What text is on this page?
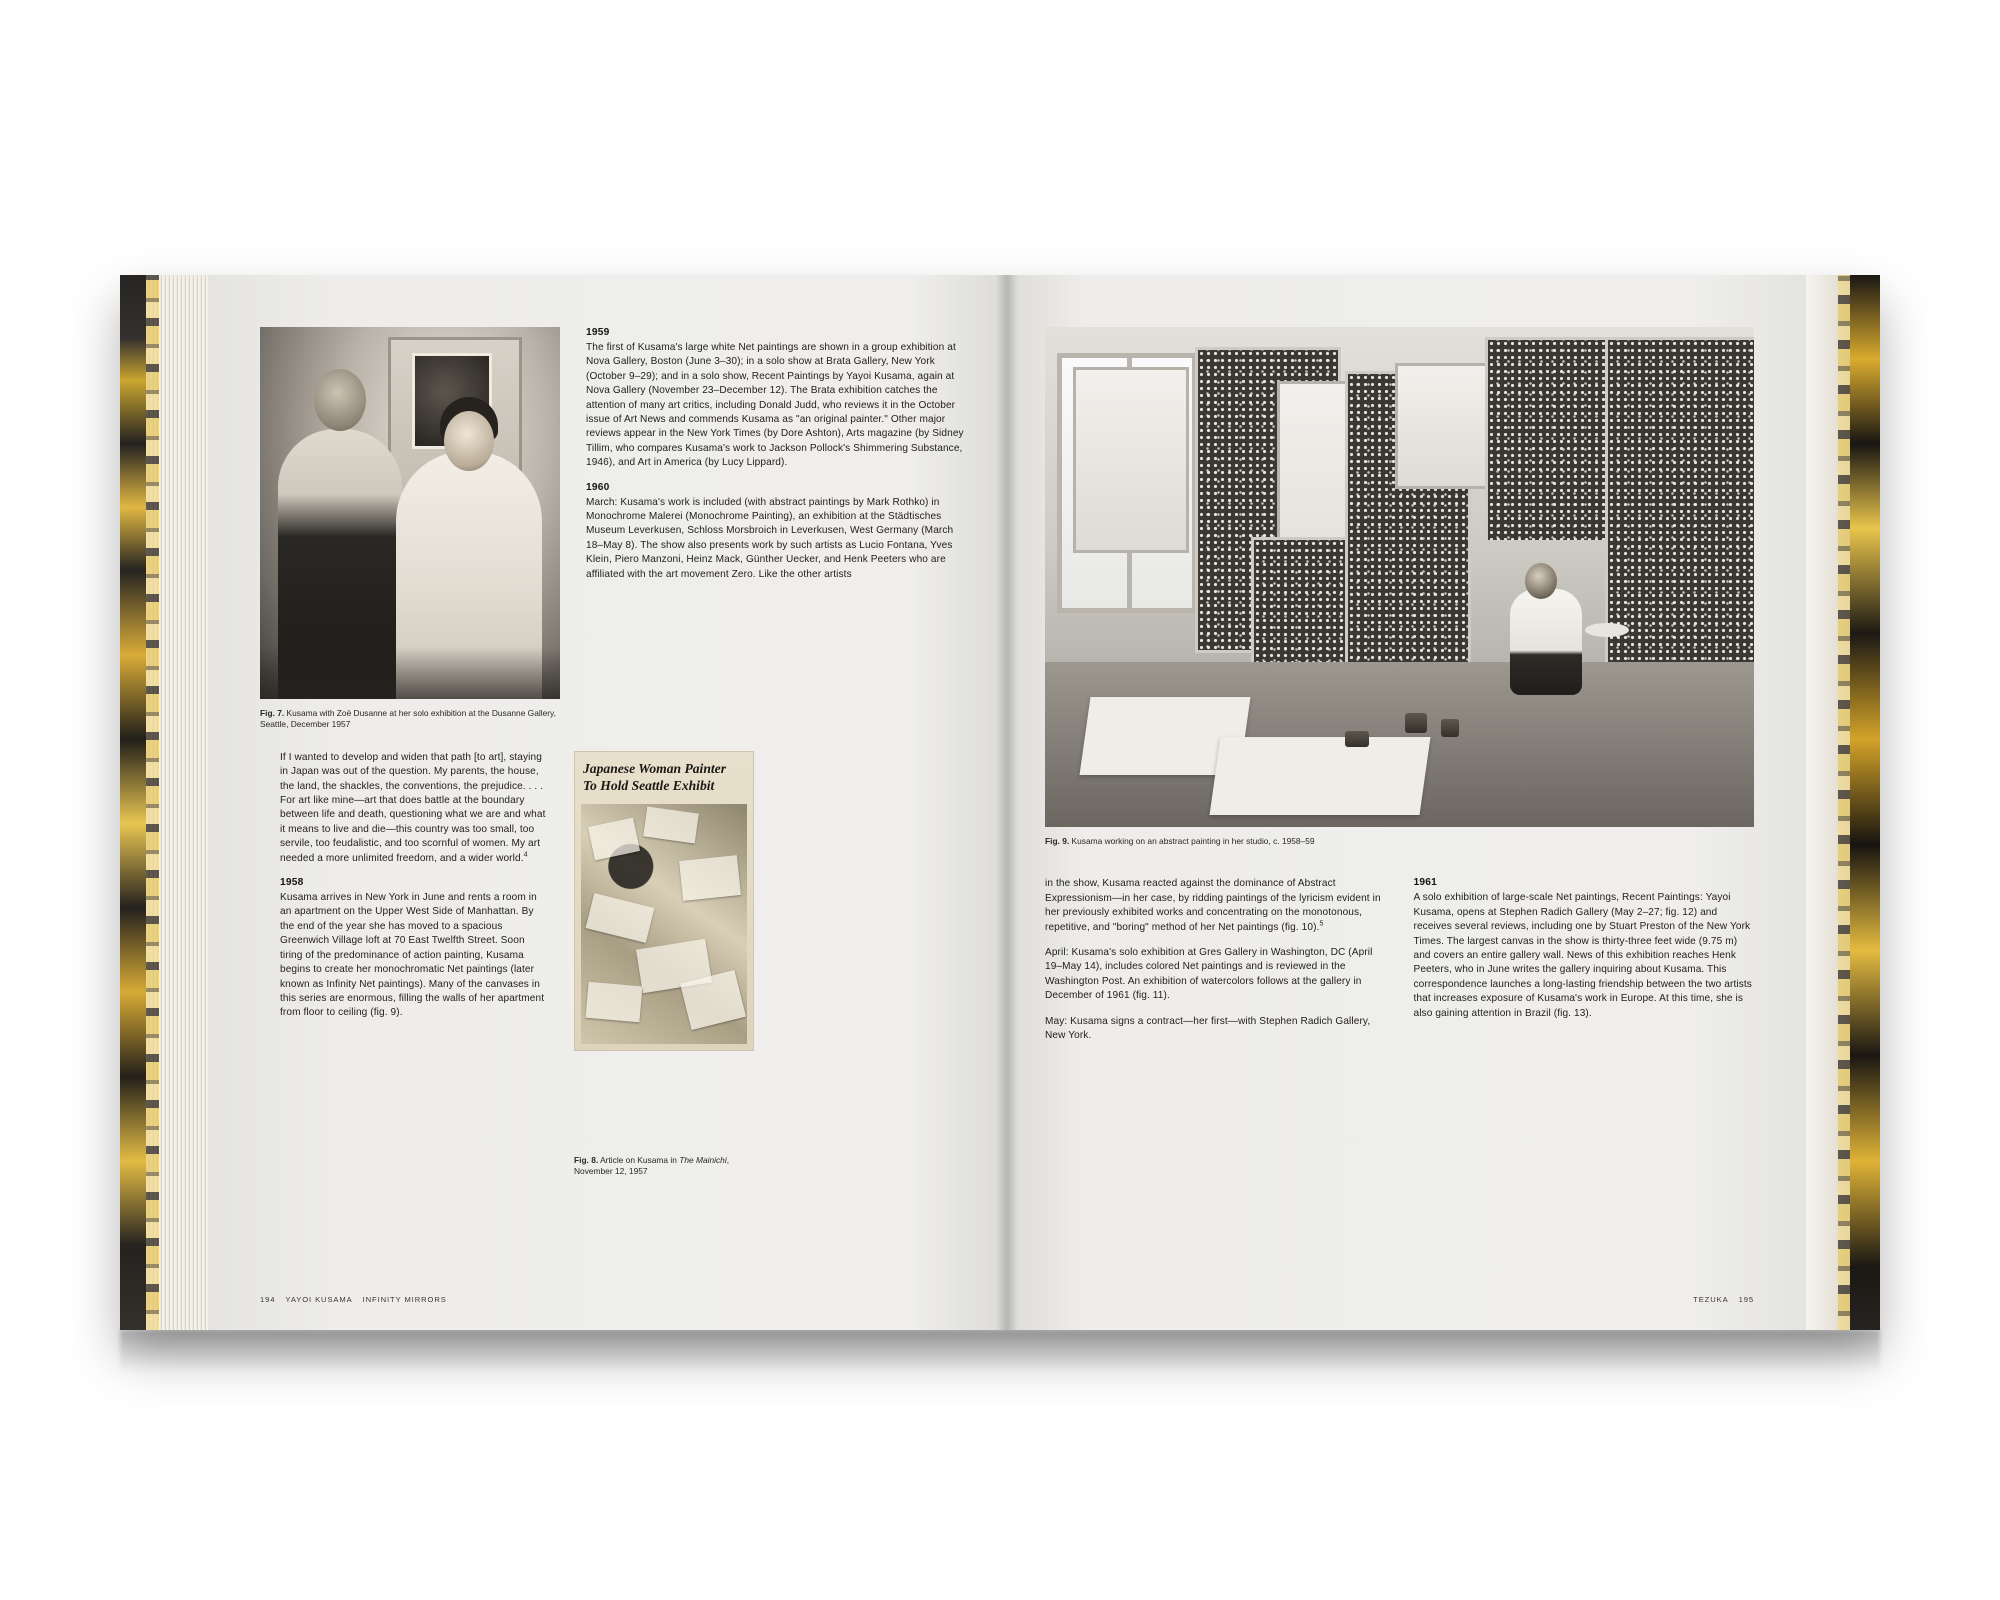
Fig. 7. Kusama with Zoë Dusanne at her solo exhibition at the Dusanne Gallery, Seattle, December 1957
1959

The first of Kusama's large white Net paintings are shown in a group exhibition at Nova Gallery, Boston (June 3–30); in a solo show at Brata Gallery, New York (October 9–29); and in a solo show, Recent Paintings by Yayoi Kusama, again at Nova Gallery (November 23–December 12). The Brata exhibition catches the attention of many art critics, including Donald Judd, who reviews it in the October issue of Art News and commends Kusama as "an original painter." Other major reviews appear in the New York Times (by Dore Ashton), Arts magazine (by Sidney Tillim, who compares Kusama's work to Jackson Pollock's Shimmering Substance, 1946), and Art in America (by Lucy Lippard).

1960

March: Kusama's work is included (with abstract paintings by Mark Rothko) in Monochrome Malerei (Monochrome Painting), an exhibition at the Städtisches Museum Leverkusen, Schloss Morsbroich in Leverkusen, West Germany (March 18–May 8). The show also presents work by such artists as Lucio Fontana, Yves Klein, Piero Manzoni, Heinz Mack, Günther Uecker, and Henk Peeters who are affiliated with the art movement Zero. Like the other artists

If I wanted to develop and widen that path [to art], staying in Japan was out of the question. My parents, the house, the land, the shackles, the conventions, the prejudice. . . . For art like mine—art that does battle at the boundary between life and death, questioning what we are and what it means to live and die—this country was too small, too servile, too feudalistic, and too scornful of women. My art needed a more unlimited freedom, and a wider world.$^4$

1958

Kusama arrives in New York in June and rents a room in an apartment on the Upper West Side of Manhattan. By the end of the year she has moved to a spacious Greenwich Village loft at 70 East Twelfth Street. Soon tiring of the predominance of action painting, Kusama begins to create her monochromatic Net paintings (later known as Infinity Net paintings). Many of the canvases in this series are enormous, filling the walls of her apartment from floor to ceiling (fig. 9).

Japanese Woman Painter
To Hold Seattle Exhibit
Fig. 8. Article on Kusama in The Mainichi, November 12, 1957
194 YAYOI KUSAMA INFINITY MIRRORS
Fig. 9. Kusama working on an abstract painting in her studio, c. 1958–59

in the show, Kusama reacted against the dominance of Abstract Expressionism—in her case, by ridding paintings of the lyricism evident in her previously exhibited works and concentrating on the monotonous, repetitive, and "boring" method of her Net paintings (fig. 10).$^5$

April: Kusama's solo exhibition at Gres Gallery in Washington, DC (April 19–May 14), includes colored Net paintings and is reviewed in the Washington Post. An exhibition of watercolors follows at the gallery in December of 1961 (fig. 11).

May: Kusama signs a contract—her first—with Stephen Radich Gallery, New York.

1961

A solo exhibition of large-scale Net paintings, Recent Paintings: Yayoi Kusama, opens at Stephen Radich Gallery (May 2–27; fig. 12) and receives several reviews, including one by Stuart Preston of the New York Times. The largest canvas in the show is thirty-three feet wide (9.75 m) and covers an entire gallery wall. News of this exhibition reaches Henk Peeters, who in June writes the gallery inquiring about Kusama. This correspondence launches a long-lasting friendship between the two artists that increases exposure of Kusama's work in Europe. At this time, she is also gaining attention in Brazil (fig. 13).

TEZUKA 195
